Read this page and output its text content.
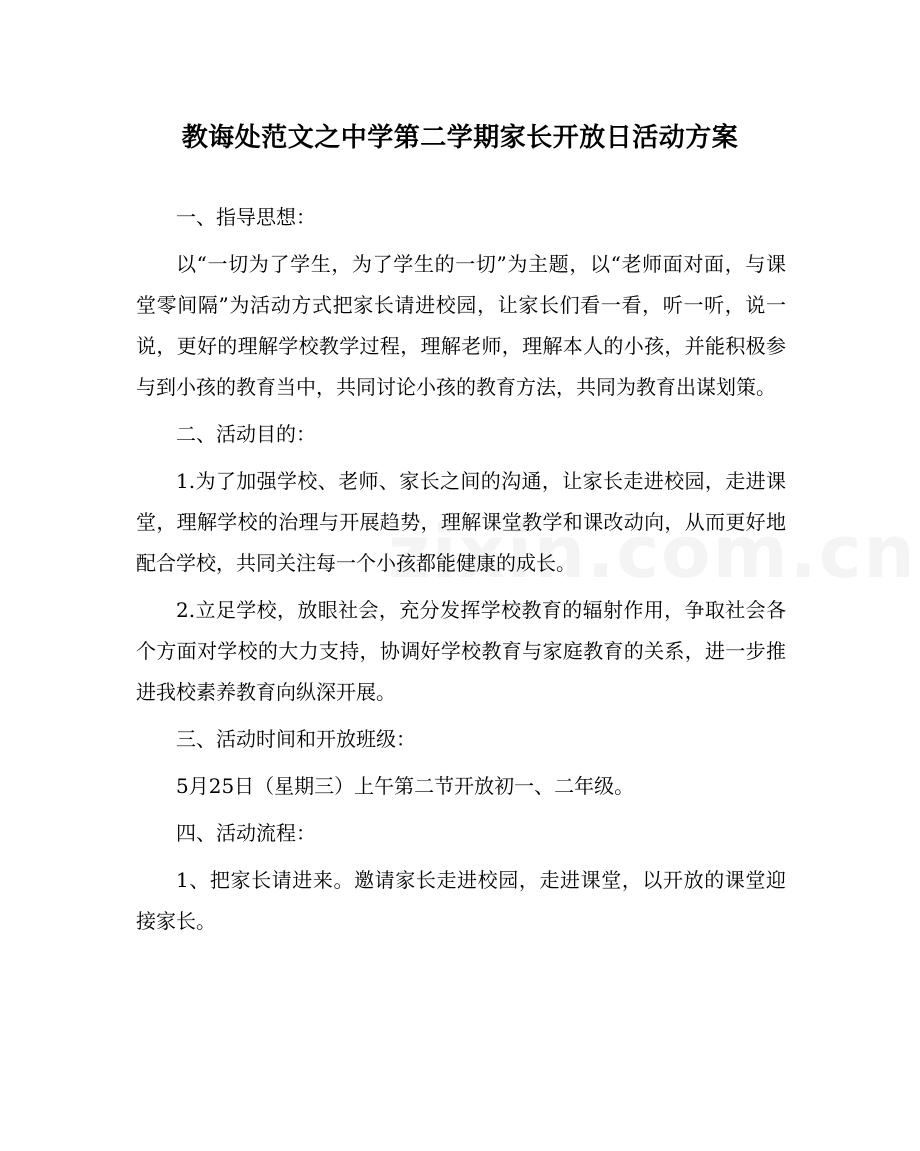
教诲处范文之中学第二学期家长开放日活动方案

一、指导思想：

以“一切为了学生，为了学生的一切”为主题，以“老师面对面，与课堂零间隔”为活动方式把家长请进校园，让家长们看一看，听一听，说一说，更好的理解学校教学过程，理解老师，理解本人的小孩，并能积极参与到小孩的教育当中，共同讨论小孩的教育方法，共同为教育出谋划策。

二、活动目的：

1.为了加强学校、老师、家长之间的沟通，让家长走进校园，走进课堂，理解学校的治理与开展趋势，理解课堂教学和课改动向，从而更好地配合学校，共同关注每一个小孩都能健康的成长。

2.立足学校，放眼社会，充分发挥学校教育的辐射作用，争取社会各个方面对学校的大力支持，协调好学校教育与家庭教育的关系，进一步推进我校素养教育向纵深开展。

三、活动时间和开放班级：

5月25日（星期三）上午第二节开放初一、二年级。

四、活动流程：

1、把家长请进来。邀请家长走进校园，走进课堂，以开放的课堂迎接家长。
